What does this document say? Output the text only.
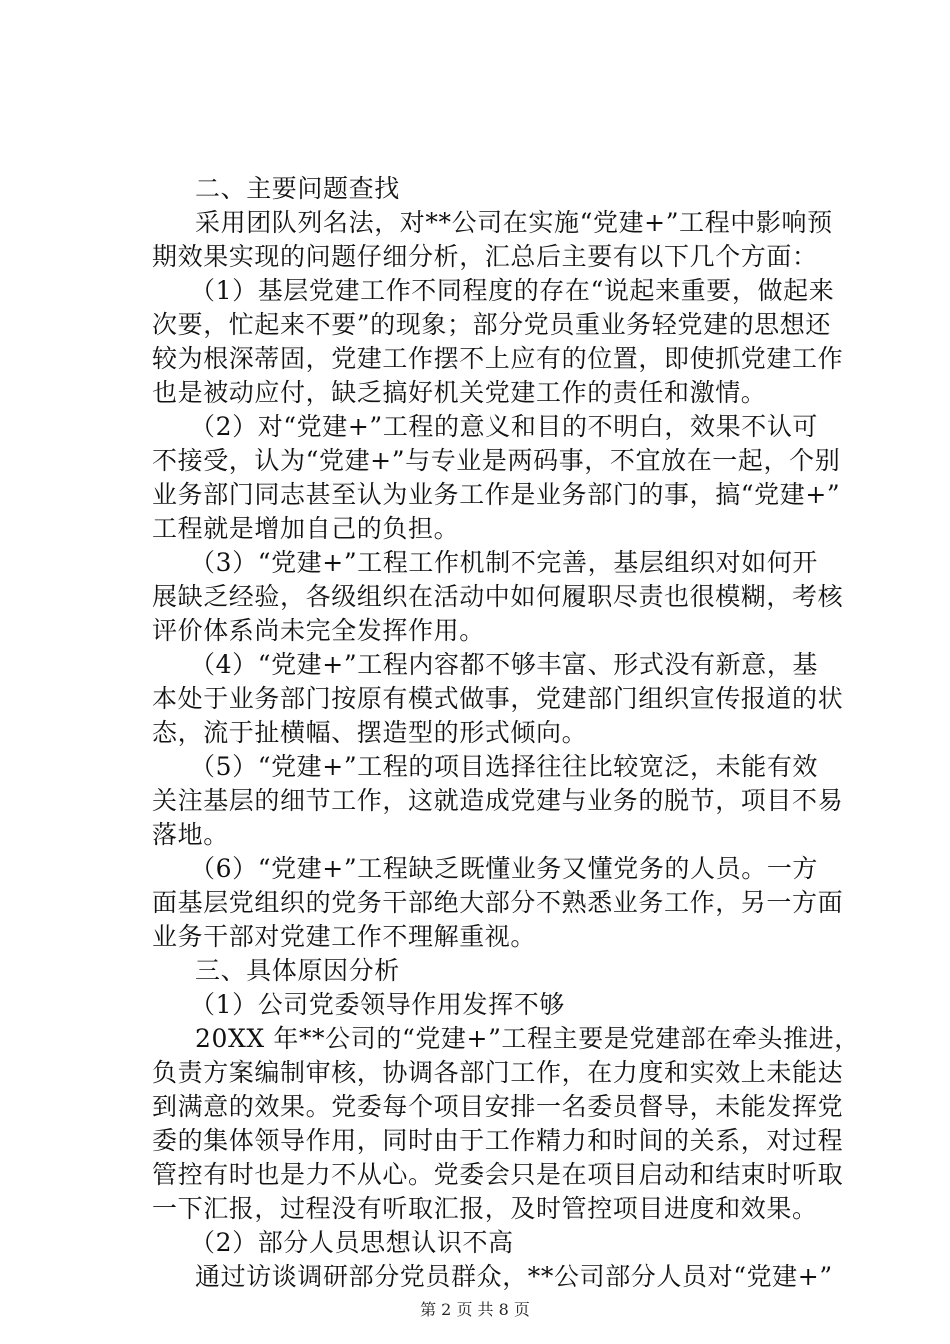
二、主要问题查找
采用团队列名法，对**公司在实施“党建+”工程中影响预
期效果实现的问题仔细分析，汇总后主要有以下几个方面：
（1）基层党建工作不同程度的存在“说起来重要，做起来
次要，忙起来不要”的现象；部分党员重业务轻党建的思想还
较为根深蒂固，党建工作摆不上应有的位置，即使抓党建工作
也是被动应付，缺乏搞好机关党建工作的责任和激情。
（2）对“党建+”工程的意义和目的不明白，效果不认可
不接受，认为“党建+”与专业是两码事，不宜放在一起，个别
业务部门同志甚至认为业务工作是业务部门的事，搞“党建+”
工程就是增加自己的负担。
（3）“党建+”工程工作机制不完善，基层组织对如何开
展缺乏经验，各级组织在活动中如何履职尽责也很模糊，考核
评价体系尚未完全发挥作用。
（4）“党建+”工程内容都不够丰富、形式没有新意，基
本处于业务部门按原有模式做事，党建部门组织宣传报道的状
态，流于扯横幅、摆造型的形式倾向。
（5）“党建+”工程的项目选择往往比较宽泛，未能有效
关注基层的细节工作，这就造成党建与业务的脱节，项目不易
落地。
（6）“党建+”工程缺乏既懂业务又懂党务的人员。一方
面基层党组织的党务干部绝大部分不熟悉业务工作，另一方面
业务干部对党建工作不理解重视。
三、具体原因分析
（1）公司党委领导作用发挥不够
20XX 年**公司的“党建+”工程主要是党建部在牵头推进，
负责方案编制审核，协调各部门工作，在力度和实效上未能达
到满意的效果。党委每个项目安排一名委员督导，未能发挥党
委的集体领导作用，同时由于工作精力和时间的关系，对过程
管控有时也是力不从心。党委会只是在项目启动和结束时听取
一下汇报，过程没有听取汇报，及时管控项目进度和效果。
（2）部分人员思想认识不高
通过访谈调研部分党员群众，**公司部分人员对“党建+”
第 2 页 共 8 页
